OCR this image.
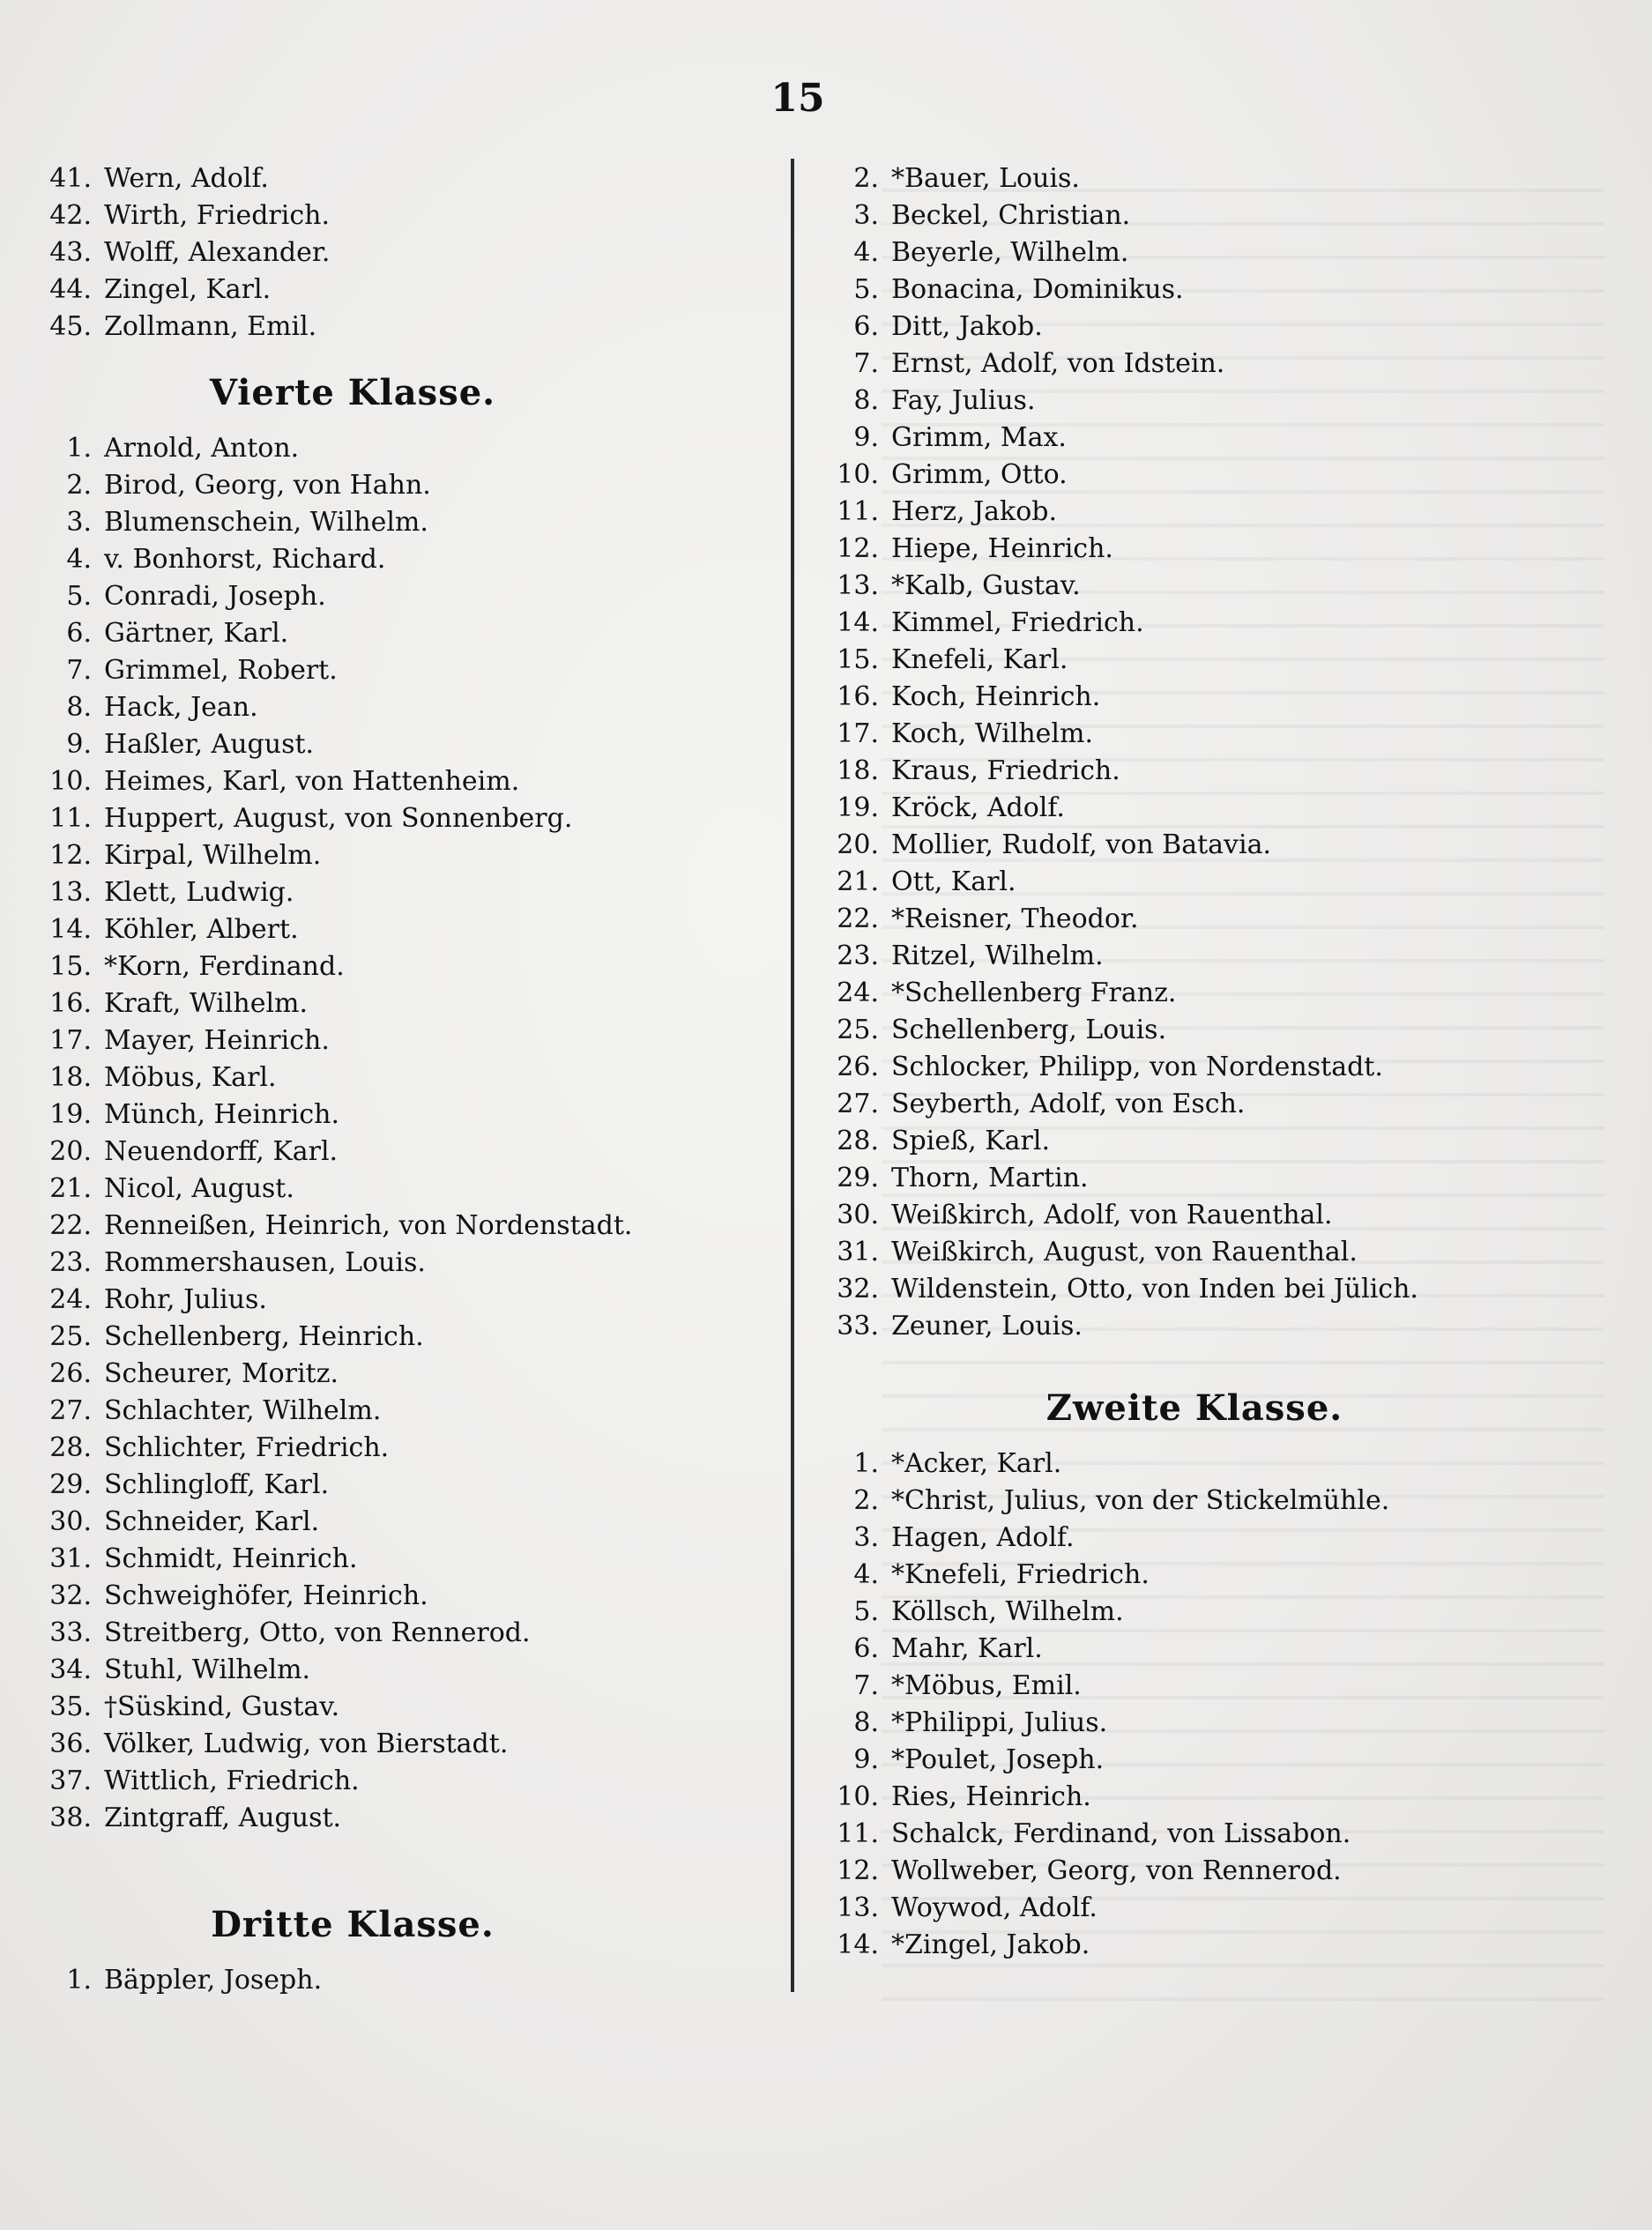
15
41. Wern, Adolf.
42. Wirth, Friedrich.
43. Wolff, Alexander.
44. Zingel, Karl.
45. Zollmann, Emil.
Vierte Klasse.
1. Arnold, Anton.
2. Birod, Georg, von Hahn.
3. Blumenschein, Wilhelm.
4. v. Bonhorst, Richard.
5. Conradi, Joseph.
6. Gärtner, Karl.
7. Grimmel, Robert.
8. Hack, Jean.
9. Haßler, August.
10. Heimes, Karl, von Hattenheim.
11. Huppert, August, von Sonnenberg.
12. Kirpal, Wilhelm.
13. Klett, Ludwig.
14. Köhler, Albert.
15. *Korn, Ferdinand.
16. Kraft, Wilhelm.
17. Mayer, Heinrich.
18. Möbus, Karl.
19. Münch, Heinrich.
20. Neuendorff, Karl.
21. Nicol, August.
22. Renneißen, Heinrich, von Nordenstadt.
23. Rommershausen, Louis.
24. Rohr, Julius.
25. Schellenberg, Heinrich.
26. Scheurer, Moritz.
27. Schlachter, Wilhelm.
28. Schlichter, Friedrich.
29. Schlingloff, Karl.
30. Schneider, Karl.
31. Schmidt, Heinrich.
32. Schweighöfer, Heinrich.
33. Streitberg, Otto, von Rennerod.
34. Stuhl, Wilhelm.
35. †Süskind, Gustav.
36. Völker, Ludwig, von Bierstadt.
37. Wittlich, Friedrich.
38. Zintgraff, August.
Dritte Klasse.
1. Bäppler, Joseph.
2. *Bauer, Louis.
3. Beckel, Christian.
4. Beyerle, Wilhelm.
5. Bonacina, Dominikus.
6. Ditt, Jakob.
7. Ernst, Adolf, von Idstein.
8. Fay, Julius.
9. Grimm, Max.
10. Grimm, Otto.
11. Herz, Jakob.
12. Hiepe, Heinrich.
13. *Kalb, Gustav.
14. Kimmel, Friedrich.
15. Knefeli, Karl.
16. Koch, Heinrich.
17. Koch, Wilhelm.
18. Kraus, Friedrich.
19. Kröck, Adolf.
20. Mollier, Rudolf, von Batavia.
21. Ott, Karl.
22. *Reisner, Theodor.
23. Ritzel, Wilhelm.
24. *Schellenberg Franz.
25. Schellenberg, Louis.
26. Schlocker, Philipp, von Nordenstadt.
27. Seyberth, Adolf, von Esch.
28. Spieß, Karl.
29. Thorn, Martin.
30. Weißkirch, Adolf, von Rauenthal.
31. Weißkirch, August, von Rauenthal.
32. Wildenstein, Otto, von Inden bei Jülich.
33. Zeuner, Louis.
Zweite Klasse.
1. *Acker, Karl.
2. *Christ, Julius, von der Stickelmühle.
3. Hagen, Adolf.
4. *Knefeli, Friedrich.
5. Köllsch, Wilhelm.
6. Mahr, Karl.
7. *Möbus, Emil.
8. *Philippi, Julius.
9. *Poulet, Joseph.
10. Ries, Heinrich.
11. Schalck, Ferdinand, von Lissabon.
12. Wollweber, Georg, von Rennerod.
13. Woywod, Adolf.
14. *Zingel, Jakob.
